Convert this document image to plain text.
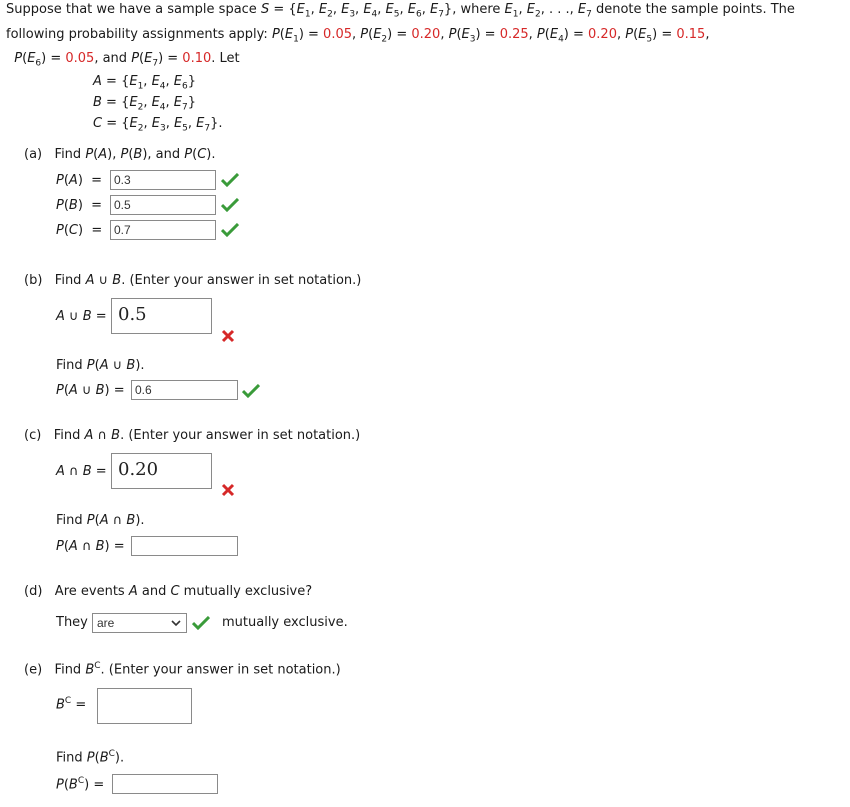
Suppose that we have a sample space $S = \{E_1$, $E_2$, $E_3$, $E_4$, $E_5$, $E_6$, $E_7$}, where $E_1$, $E_2$, . . ., $E_7$ denote the sample points. The
following probability assignments apply: $P(E_1) = 0.05$, $P(E_2) = 0.20$, $P(E_3) = 0.25$, $P(E_4) = 0.20$, $P(E_5) = 0.15$,
$P(E_6) = 0.05$, and $P(E_7) = 0.10$. Let
$A = \{E_1$, $E_4$, $E_6$}
$B = \{E_2$, $E_4$, $E_7$}
$C = \{E_2$, $E_3$, $E_5$, $E_7$}.
(a) Find P(A), P(B), and P(C).
P(A)  = 0.3
P(B)  = 0.5
P(C)  = 0.7
(b)   Find A ∪ B. (Enter your answer in set notation.)
A ∪ B = 0.5
Find P(A ∪ B).
P(A ∪ B) = 0.6
(c)   Find A ∩ B. (Enter your answer in set notation.)
A ∩ B = 0.20
Find P(A ∩ B).
P(A ∩ B) =
(d)   Are events A and C mutually exclusive?
They are	mutually exclusive.
(e)   Find $B^C$. (Enter your answer in set notation.)
$B^C$ =
Find $P(B^C)$.
$P(B^C)$ =
